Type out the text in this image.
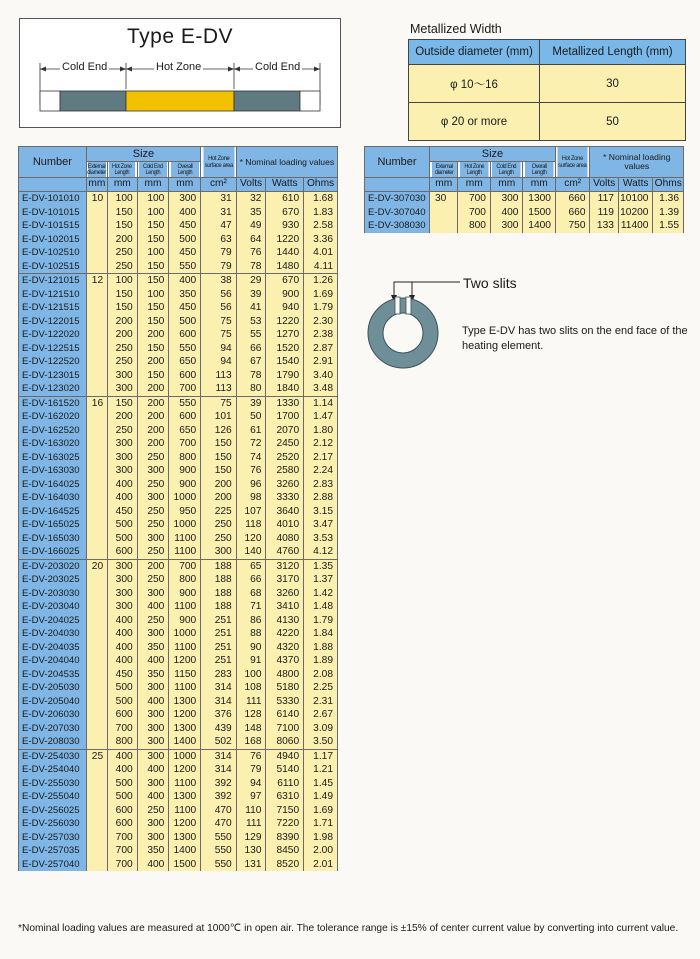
Type E-DV
Cold End	Hot Zone	Cold End
Metallized Width
Outside diameter (mm)	Metallized Length (mm)
φ 10〜16	30
φ 20 or more	50
Number	Size				Hot Zone surface area	* Nominal loading values		
	External diameter	Hot Zone Length	Cold End Length	Overall Length				
	mm	mm	mm	mm	cm²	Volts	Watts	Ohms
E-DV-101010	10	100	100	300	31	32	610	1.68
E-DV-101015		150	100	400	31	35	670	1.83
E-DV-101515		150	150	450	47	49	930	2.58
E-DV-102015		200	150	500	63	64	1220	3.36
E-DV-102510		250	100	450	79	76	1440	4.01
E-DV-102515		250	150	550	79	78	1480	4.11
E-DV-121015	12	100	150	400	38	29	670	1.26
E-DV-121510		150	100	350	56	39	900	1.69
E-DV-121515		150	150	450	56	41	940	1.79
E-DV-122015		200	150	500	75	53	1220	2.30
E-DV-122020		200	200	600	75	55	1270	2.38
E-DV-122515		250	150	550	94	66	1520	2.87
E-DV-122520		250	200	650	94	67	1540	2.91
E-DV-123015		300	150	600	113	78	1790	3.40
E-DV-123020		300	200	700	113	80	1840	3.48
E-DV-161520	16	150	200	550	75	39	1330	1.14
E-DV-162020		200	200	600	101	50	1700	1.47
E-DV-162520		250	200	650	126	61	2070	1.80
E-DV-163020		300	200	700	150	72	2450	2.12
E-DV-163025		300	250	800	150	74	2520	2.17
E-DV-163030		300	300	900	150	76	2580	2.24
E-DV-164025		400	250	900	200	96	3260	2.83
E-DV-164030		400	300	1000	200	98	3330	2.88
E-DV-164525		450	250	950	225	107	3640	3.15
E-DV-165025		500	250	1000	250	118	4010	3.47
E-DV-165030		500	300	1100	250	120	4080	3.53
E-DV-166025		600	250	1100	300	140	4760	4.12
E-DV-203020	20	300	200	700	188	65	3120	1.35
E-DV-203025		300	250	800	188	66	3170	1.37
E-DV-203030		300	300	900	188	68	3260	1.42
E-DV-203040		300	400	1100	188	71	3410	1.48
E-DV-204025		400	250	900	251	86	4130	1.79
E-DV-204030		400	300	1000	251	88	4220	1.84
E-DV-204035		400	350	1100	251	90	4320	1.88
E-DV-204040		400	400	1200	251	91	4370	1.89
E-DV-204535		450	350	1150	283	100	4800	2.08
E-DV-205030		500	300	1100	314	108	5180	2.25
E-DV-205040		500	400	1300	314	111	5330	2.31
E-DV-206030		600	300	1200	376	128	6140	2.67
E-DV-207030		700	300	1300	439	148	7100	3.09
E-DV-208030		800	300	1400	502	168	8060	3.50
E-DV-254030	25	400	300	1000	314	76	4940	1.17
E-DV-254040		400	400	1200	314	79	5140	1.21
E-DV-255030		500	300	1100	392	94	6110	1.45
E-DV-255040		500	400	1300	392	97	6310	1.49
E-DV-256025		600	250	1100	470	110	7150	1.69
E-DV-256030		600	300	1200	470	111	7220	1.71
E-DV-257030		700	300	1300	550	129	8390	1.98
E-DV-257035		700	350	1400	550	130	8450	2.00
E-DV-257040		700	400	1500	550	131	8520	2.01
Number	Size				Hot Zone surface area	* Nominal loading values		
	External diameter	Hot Zone Length	Cold End Length	Overall Length				
	mm	mm	mm	mm	cm²	Volts	Watts	Ohms
E-DV-307030	30	700	300	1300	660	117	10100	1.36
E-DV-307040		700	400	1500	660	119	10200	1.39
E-DV-308030		800	300	1400	750	133	11400	1.55
Two slits
Type E-DV has two slits on the end face of the heating element.
*Nominal loading values are measured at 1000℃ in open air. The tolerance range is ±15% of center current value by converting into current value.
